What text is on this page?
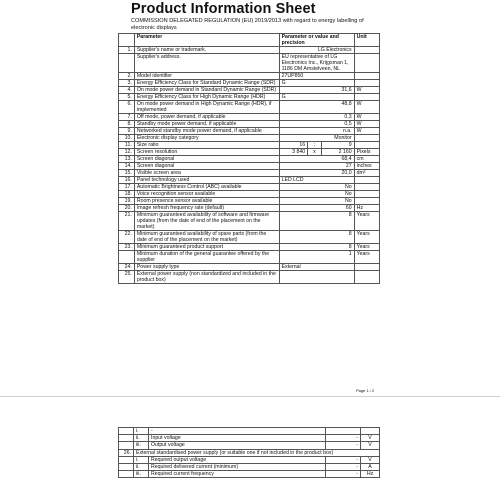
Product Information Sheet
COMMISSION DELEGATED REGULATION (EU) 2019/2013 with regard to energy labelling of electronic displays
	Parameter	Parameter or value and precision			Unit
1.	Supplier's name or trademark.	LG Electronics			
	Supplier's address.	EU representative of LG Electronics Inc., Krijgsman 1, 1186 DM Amstelveen, NL			
2.	Model identifier	27UP850			
3.	Energy Efficiency Class for Standard Dynamic Range (SDR)	G			
4.	On mode power demand in Standard Dynamic Range (SDR)	31,6			W
5.	Energy Efficiency Class for High Dynamic Range (HDR)	G			
6.	On mode power demand in High Dynamic Range (HDR), if implemented	48,8			W
7.	Off mode, power demand, if applicable	0,3			W
8.	Standby mode power demand, if applicable	0,5			W
9.	Networked standby mode power demand, if applicable	n.a.			W
10.	Electronic display category	Monitor			
11.	Size ratio	16	:	9	
12.	Screen resolution	3 840	x	2 160	Pixels
13.	Screen diagonal	68,4			cm
14.	Screen diagonal	27			inches
15.	Visible screen area	20,0			dm²
16.	Panel technology used	LED LCD			
17.	Automatic Brightness Control (ABC) available	No			
18.	Voice recognition sensor available	No			
19.	Room presence sensor available	No			
20.	Image refresh frequency rate (default)	60			Hz
21.	Minimum guaranteed availability of software and firmware updates (from the date of end of the placement on the market)	8			Years
22.	Minimum guaranteed availability of spare parts (from the date of end of the placement on the market)	8			Years
23.	Minimum guaranteed product support	8			Years
	Minimum duration of the general guarantee offered by the supplier	1			Years
24.	Power supply type	External			
25.	External power supply (non standardized and included in the product box)				
Page 1 / 2
	i.	-		
	ii.	Input voltage	-	V
	iii.	Output voltage	-	V
26.	External standardised power supply (or suitable one if not included in the product box)			
	i.	Required output voltage	-	V
	ii.	Required delivered current (minimum)	-	A
	iii.	Required current frequency	-	Hz
